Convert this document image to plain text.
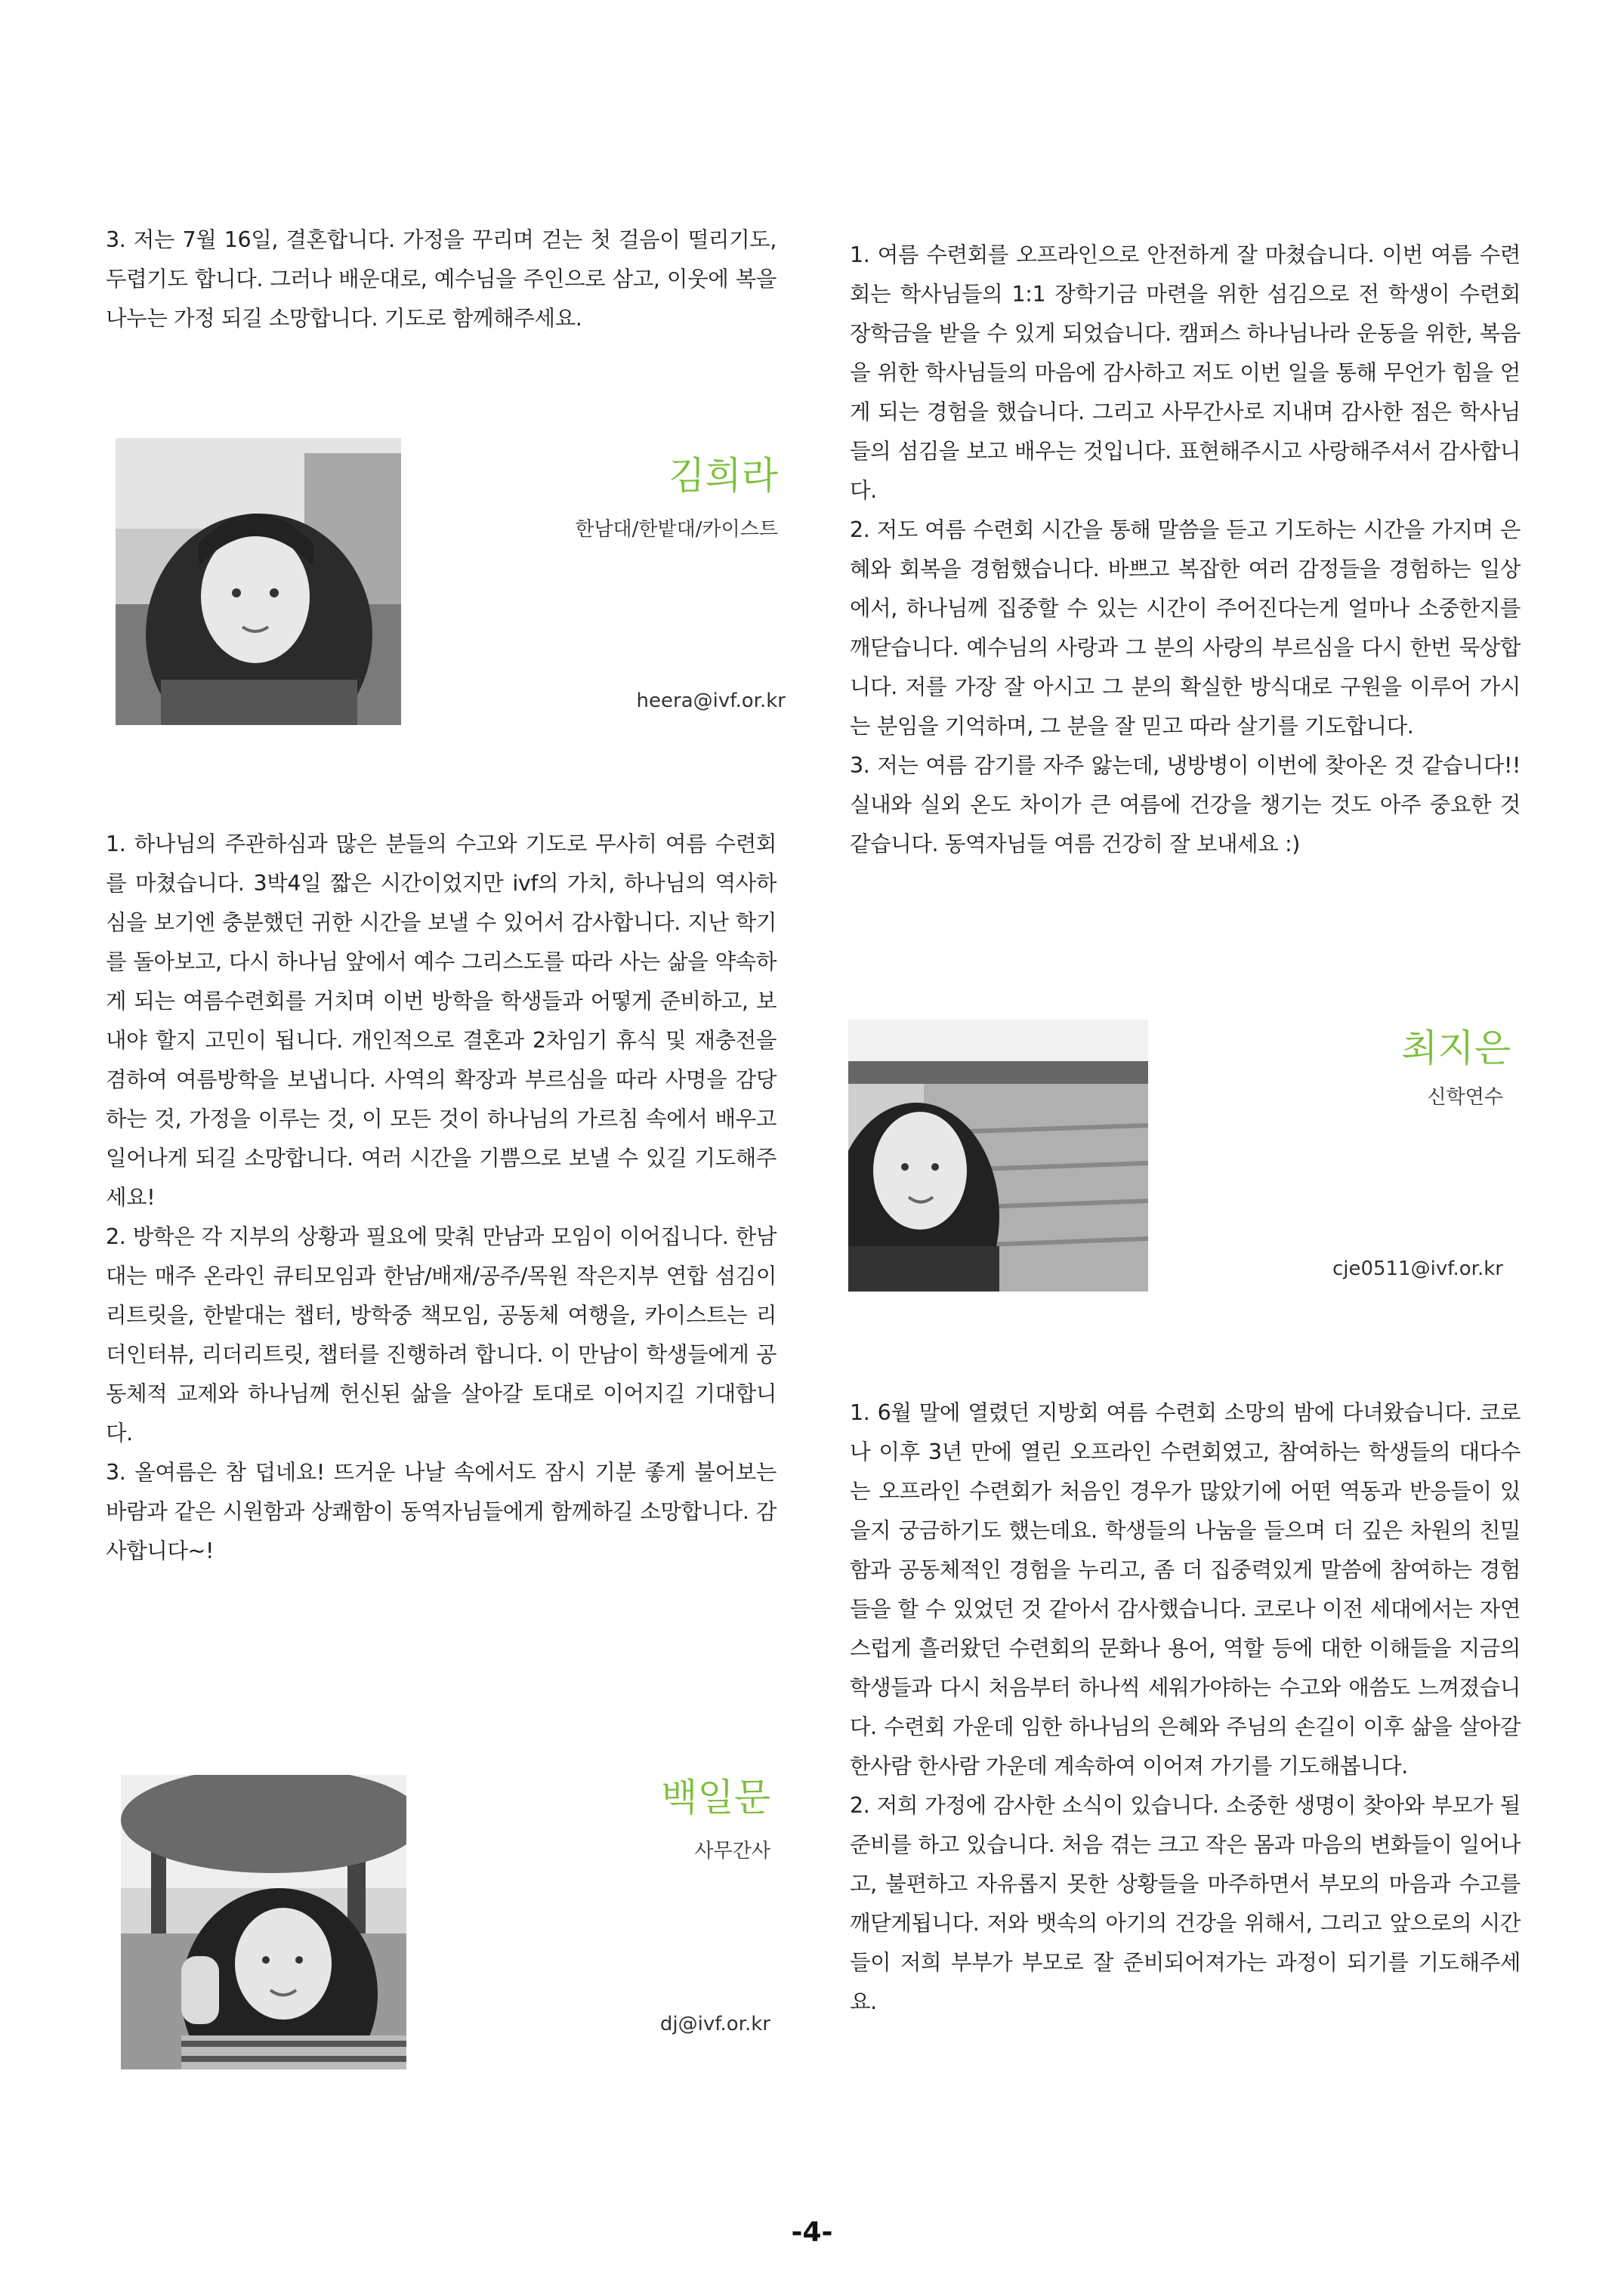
3. 저는 7월 16일, 결혼합니다. 가정을 꾸리며 걷는 첫 걸음이 떨리기도, 두렵기도 합니다. 그러나 배운대로, 예수님을 주인으로 삼고, 이웃에 복을 나누는 가정 되길 소망합니다. 기도로 함께해주세요.

김희라
한남대/한밭대/카이스트
heera@ivf.or.kr

1. 하나님의 주관하심과 많은 분들의 수고와 기도로 무사히 여름 수련회를 마쳤습니다. 3박4일 짧은 시간이었지만 ivf의 가치, 하나님의 역사하심을 보기엔 충분했던 귀한 시간을 보낼 수 있어서 감사합니다. 지난 학기를 돌아보고, 다시 하나님 앞에서 예수 그리스도를 따라 사는 삶을 약속하게 되는 여름수련회를 거치며 이번 방학을 학생들과 어떻게 준비하고, 보내야 할지 고민이 됩니다. 개인적으로 결혼과 2차임기 휴식 및 재충전을 겸하여 여름방학을 보냅니다. 사역의 확장과 부르심을 따라 사명을 감당하는 것, 가정을 이루는 것, 이 모든 것이 하나님의 가르침 속에서 배우고 일어나게 되길 소망합니다. 여러 시간을 기쁨으로 보낼 수 있길 기도해주세요!

2. 방학은 각 지부의 상황과 필요에 맞춰 만남과 모임이 이어집니다. 한남대는 매주 온라인 큐티모임과 한남/배재/공주/목원 작은지부 연합 섬김이 리트릿을, 한밭대는 챕터, 방학중 책모임, 공동체 여행을, 카이스트는 리더인터뷰, 리더리트릿, 챕터를 진행하려 합니다. 이 만남이 학생들에게 공동체적 교제와 하나님께 헌신된 삶을 살아갈 토대로 이어지길 기대합니다.

3. 올여름은 참 덥네요! 뜨거운 나날 속에서도 잠시 기분 좋게 불어보는 바람과 같은 시원함과 상쾌함이 동역자님들에게 함께하길 소망합니다. 감사합니다~!

백일문
사무간사
dj@ivf.or.kr

1. 여름 수련회를 오프라인으로 안전하게 잘 마쳤습니다. 이번 여름 수련회는 학사님들의 1:1 장학기금 마련을 위한 섬김으로 전 학생이 수련회 장학금을 받을 수 있게 되었습니다. 캠퍼스 하나님나라 운동을 위한, 복음을 위한 학사님들의 마음에 감사하고 저도 이번 일을 통해 무언가 힘을 얻게 되는 경험을 했습니다. 그리고 사무간사로 지내며 감사한 점은 학사님들의 섬김을 보고 배우는 것입니다. 표현해주시고 사랑해주셔서 감사합니다.

2. 저도 여름 수련회 시간을 통해 말씀을 듣고 기도하는 시간을 가지며 은혜와 회복을 경험했습니다. 바쁘고 복잡한 여러 감정들을 경험하는 일상에서, 하나님께 집중할 수 있는 시간이 주어진다는게 얼마나 소중한지를 깨닫습니다. 예수님의 사랑과 그 분의 사랑의 부르심을 다시 한번 묵상합니다. 저를 가장 잘 아시고 그 분의 확실한 방식대로 구원을 이루어 가시는 분임을 기억하며, 그 분을 잘 믿고 따라 살기를 기도합니다.

3. 저는 여름 감기를 자주 앓는데, 냉방병이 이번에 찾아온 것 같습니다!! 실내와 실외 온도 차이가 큰 여름에 건강을 챙기는 것도 아주 중요한 것 같습니다. 동역자님들 여름 건강히 잘 보내세요 :)

최지은
신학연수
cje0511@ivf.or.kr

1. 6월 말에 열렸던 지방회 여름 수련회 소망의 밤에 다녀왔습니다. 코로나 이후 3년 만에 열린 오프라인 수련회였고, 참여하는 학생들의 대다수는 오프라인 수련회가 처음인 경우가 많았기에 어떤 역동과 반응들이 있을지 궁금하기도 했는데요. 학생들의 나눔을 들으며 더 깊은 차원의 친밀함과 공동체적인 경험을 누리고, 좀 더 집중력있게 말씀에 참여하는 경험들을 할 수 있었던 것 같아서 감사했습니다. 코로나 이전 세대에서는 자연스럽게 흘러왔던 수련회의 문화나 용어, 역할 등에 대한 이해들을 지금의 학생들과 다시 처음부터 하나씩 세워가야하는 수고와 애씀도 느껴졌습니다. 수련회 가운데 임한 하나님의 은혜와 주님의 손길이 이후 삶을 살아갈 한사람 한사람 가운데 계속하여 이어져 가기를 기도해봅니다.

2. 저희 가정에 감사한 소식이 있습니다. 소중한 생명이 찾아와 부모가 될 준비를 하고 있습니다. 처음 겪는 크고 작은 몸과 마음의 변화들이 일어나고, 불편하고 자유롭지 못한 상황들을 마주하면서 부모의 마음과 수고를 깨닫게됩니다. 저와 뱃속의 아기의 건강을 위해서, 그리고 앞으로의 시간들이 저희 부부가 부모로 잘 준비되어져가는 과정이 되기를 기도해주세요.

-4-
